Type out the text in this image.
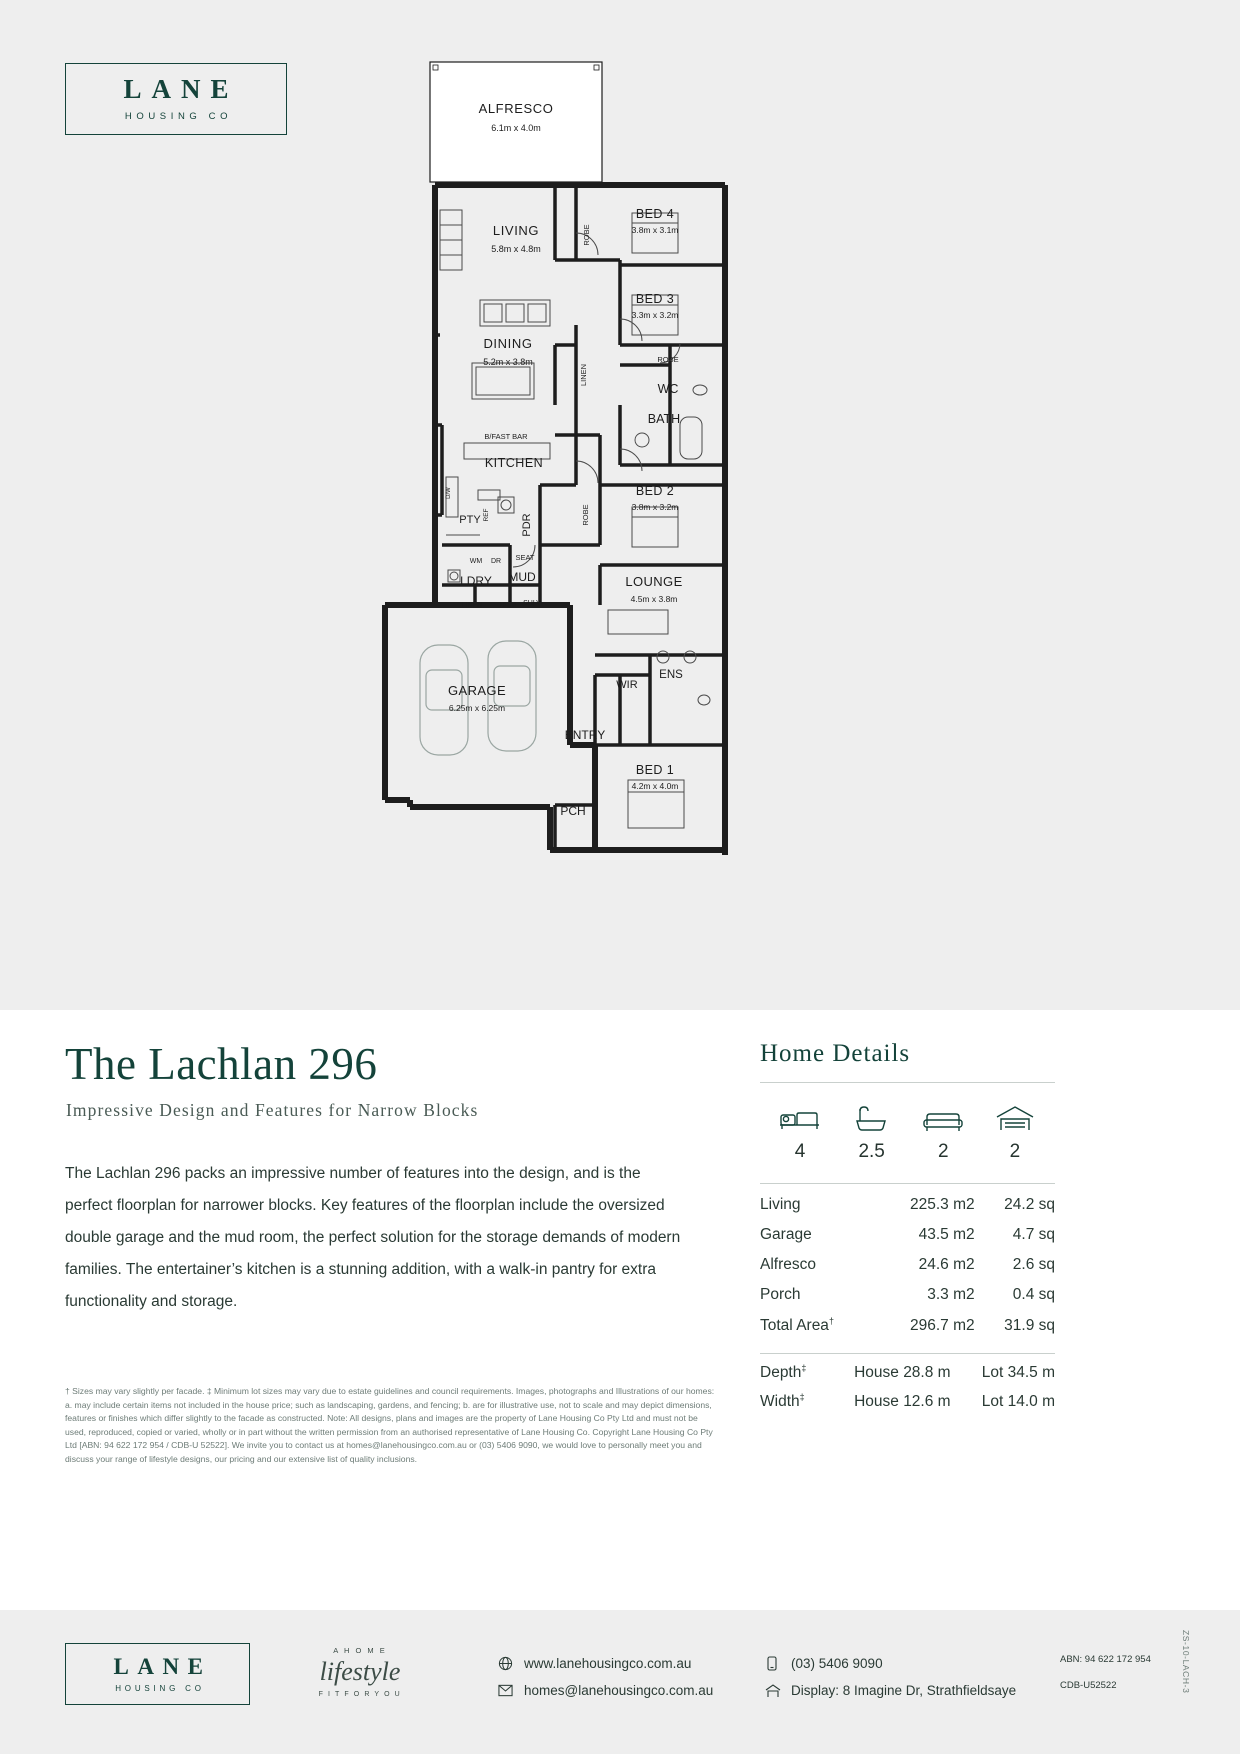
LANE
HOUSING CO
ALFRESCO
6.1m x 4.0m
LIVING
5.8m x 4.8m
DINING
5.2m x 3.8m
B/FAST BAR
KITCHEN
PTY	PDR
REF
D/W
WM DR SEAT
LDRY MUD
LINEN	BRM SHLV
ROBE
LINEN
ROBE
ROBE
BED 4
3.8m x 3.1m
BED 3
3.3m x 3.2m
WC
BATH
BED 2
3.8m x 3.2m
LOUNGE
4.5m x 3.8m
WIR
ENS
ENTRY
PCH
GARAGE
6.25m x 6.25m
BED 1
4.2m x 4.0m
The Lachlan 296
Impressive Design and Features for Narrow Blocks
The Lachlan 296 packs an impressive number of features into the design, and is the perfect floorplan for narrower blocks. Key features of the floorplan include the oversized double garage and the mud room, the perfect solution for the storage demands of modern families. The entertainer’s kitchen is a stunning addition, with a walk-in pantry for extra functionality and storage.
† Sizes may vary slightly per facade. ‡ Minimum lot sizes may vary due to estate guidelines and council requirements. Images, photographs and Illustrations of our homes: a. may include certain items not included in the house price; such as landscaping, gardens, and fencing; b. are for illustrative use, not to scale and may depict dimensions, features or finishes which differ slightly to the facade as constructed. Note: All designs, plans and images are the property of Lane Housing Co Pty Ltd and must not be used, reproduced, copied or varied, wholly or in part without the written permission from an authorised representative of Lane Housing Co. Copyright Lane Housing Co Pty Ltd [ABN: 94 622 172 954 / CDB-U 52522]. We invite you to contact us at homes@lanehousingco.com.au or (03) 5406 9090, we would love to personally meet you and discuss your range of lifestyle designs, our pricing and our extensive list of quality inclusions.
Home Details
4	2.5	2	2
Living	225.3 m2	24.2 sq
Garage	43.5 m2	4.7 sq
Alfresco	24.6 m2	2.6 sq
Porch	3.3 m2	0.4 sq
Total Area†	296.7 m2	31.9 sq
Depth‡	House 28.8 m	Lot 34.5 m
Width‡	House 12.6 m	Lot 14.0 m
LANE
HOUSING CO
A H O M E
lifestyle
F I T F O R Y O U
www.lanehousingco.com.au
homes@lanehousingco.com.au
(03) 5406 9090
Display: 8 Imagine Dr, Strathfieldsaye
ABN: 94 622 172 954
CDB-U52522	ZS-10-LACH-3
